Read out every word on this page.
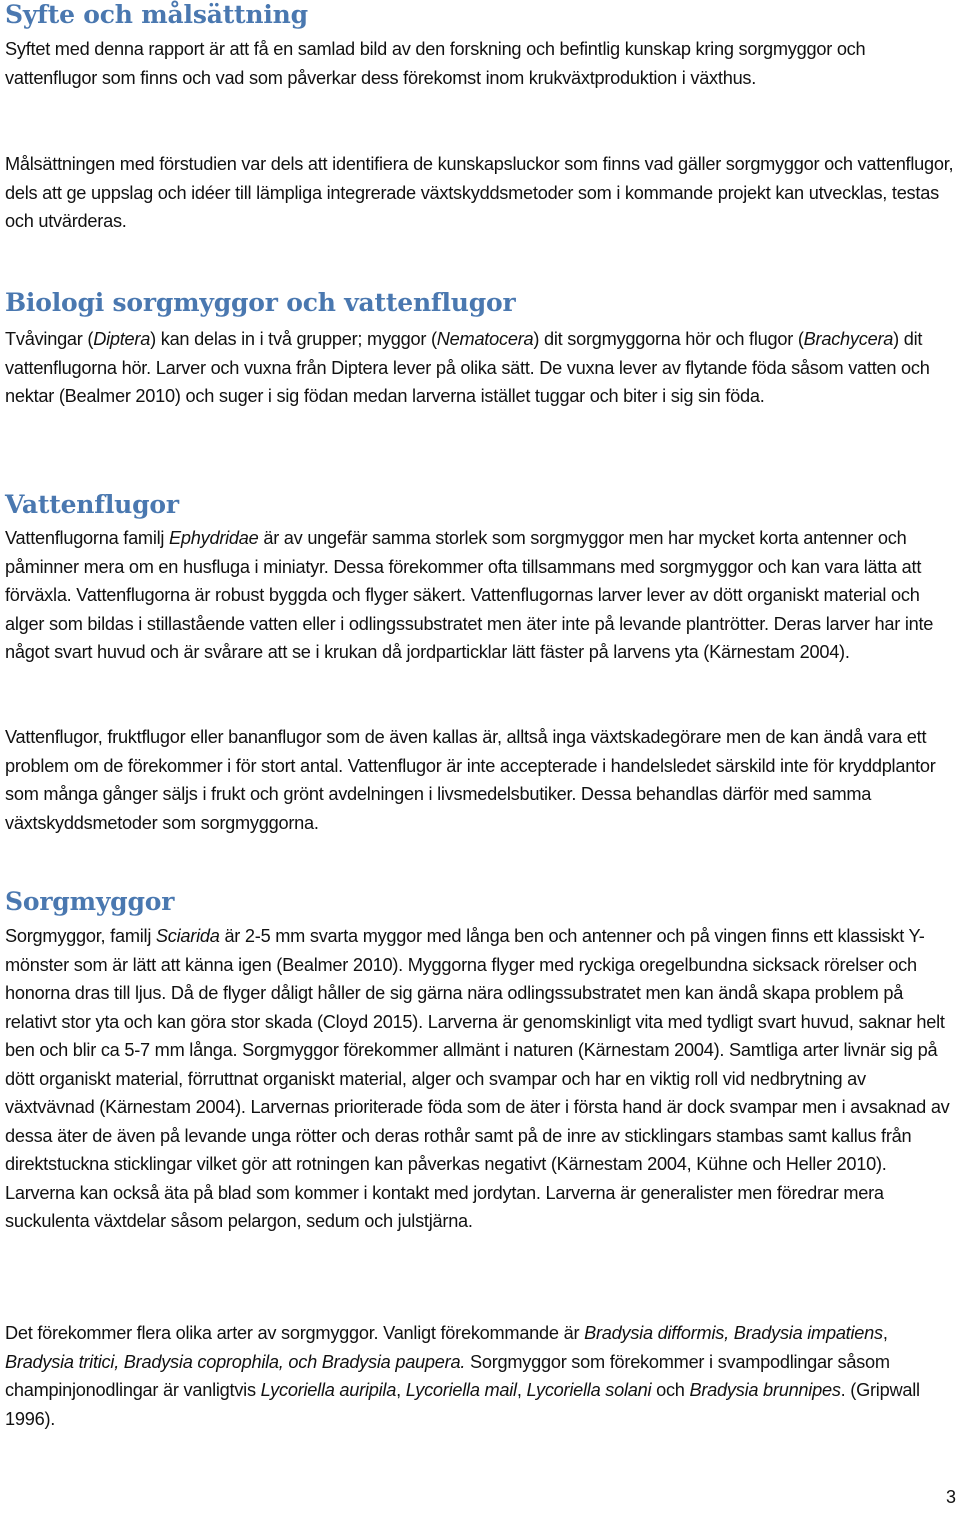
Syfte och målsättning

Syftet med denna rapport är att få en samlad bild av den forskning och befintlig kunskap kring sorgmyggor och vattenflugor som finns och vad som påverkar dess förekomst inom krukväxtproduktion i växthus.

Målsättningen med förstudien var dels att identifiera de kunskapsluckor som finns vad gäller sorgmyggor och vattenflugor, dels att ge uppslag och idéer till lämpliga integrerade växtskyddsmetoder som i kommande projekt kan utvecklas, testas och utvärderas.

Biologi sorgmyggor och vattenflugor

Tvåvingar (Diptera) kan delas in i två grupper; myggor (Nematocera) dit sorgmyggorna hör och flugor (Brachycera) dit vattenflugorna hör. Larver och vuxna från Diptera lever på olika sätt. De vuxna lever av flytande föda såsom vatten och nektar (Bealmer 2010) och suger i sig födan medan larverna istället tuggar och biter i sig sin föda.

Vattenflugor

Vattenflugorna familj Ephydridae är av ungefär samma storlek som sorgmyggor men har mycket korta antenner och påminner mera om en husfluga i miniatyr. Dessa förekommer ofta tillsammans med sorgmyggor och kan vara lätta att förväxla. Vattenflugorna är robust byggda och flyger säkert. Vattenflugornas larver lever av dött organiskt material och alger som bildas i stillastående vatten eller i odlingssubstratet men äter inte på levande plantrötter. Deras larver har inte något svart huvud och är svårare att se i krukan då jordparticklar lätt fäster på larvens yta (Kärnestam 2004).

Vattenflugor, fruktflugor eller bananflugor som de även kallas är, alltså inga växtskadegörare men de kan ändå vara ett problem om de förekommer i för stort antal. Vattenflugor är inte accepterade i handelsledet särskild inte för kryddplantor som många gånger säljs i frukt och grönt avdelningen i livsmedelsbutiker. Dessa behandlas därför med samma växtskyddsmetoder som sorgmyggorna.

Sorgmyggor

Sorgmyggor, familj Sciarida är 2-5 mm svarta myggor med långa ben och antenner och på vingen finns ett klassiskt Y-mönster som är lätt att känna igen (Bealmer 2010). Myggorna flyger med ryckiga oregelbundna sicksack rörelser och honorna dras till ljus. Då de flyger dåligt håller de sig gärna nära odlingssubstratet men kan ändå skapa problem på relativt stor yta och kan göra stor skada (Cloyd 2015). Larverna är genomskinligt vita med tydligt svart huvud, saknar helt ben och blir ca 5-7 mm långa. Sorgmyggor förekommer allmänt i naturen (Kärnestam 2004). Samtliga arter livnär sig på dött organiskt material, förruttnat organiskt material, alger och svampar och har en viktig roll vid nedbrytning av växtvävnad (Kärnestam 2004). Larvernas prioriterade föda som de äter i första hand är dock svampar men i avsaknad av dessa äter de även på levande unga rötter och deras rothår samt på de inre av sticklingars stambas samt kallus från direktstuckna sticklingar vilket gör att rotningen kan påverkas negativt (Kärnestam 2004, Kühne och Heller 2010). Larverna kan också äta på blad som kommer i kontakt med jordytan. Larverna är generalister men föredrar mera suckulenta växtdelar såsom pelargon, sedum och julstjärna.

Det förekommer flera olika arter av sorgmyggor. Vanligt förekommande är Bradysia difformis, Bradysia impatiens, Bradysia tritici, Bradysia coprophila, och Bradysia paupera. Sorgmyggor som förekommer i svampodlingar såsom champinjonodlingar är vanligtvis Lycoriella auripila, Lycoriella mail, Lycoriella solani och Bradysia brunnipes. (Gripwall 1996).

3
